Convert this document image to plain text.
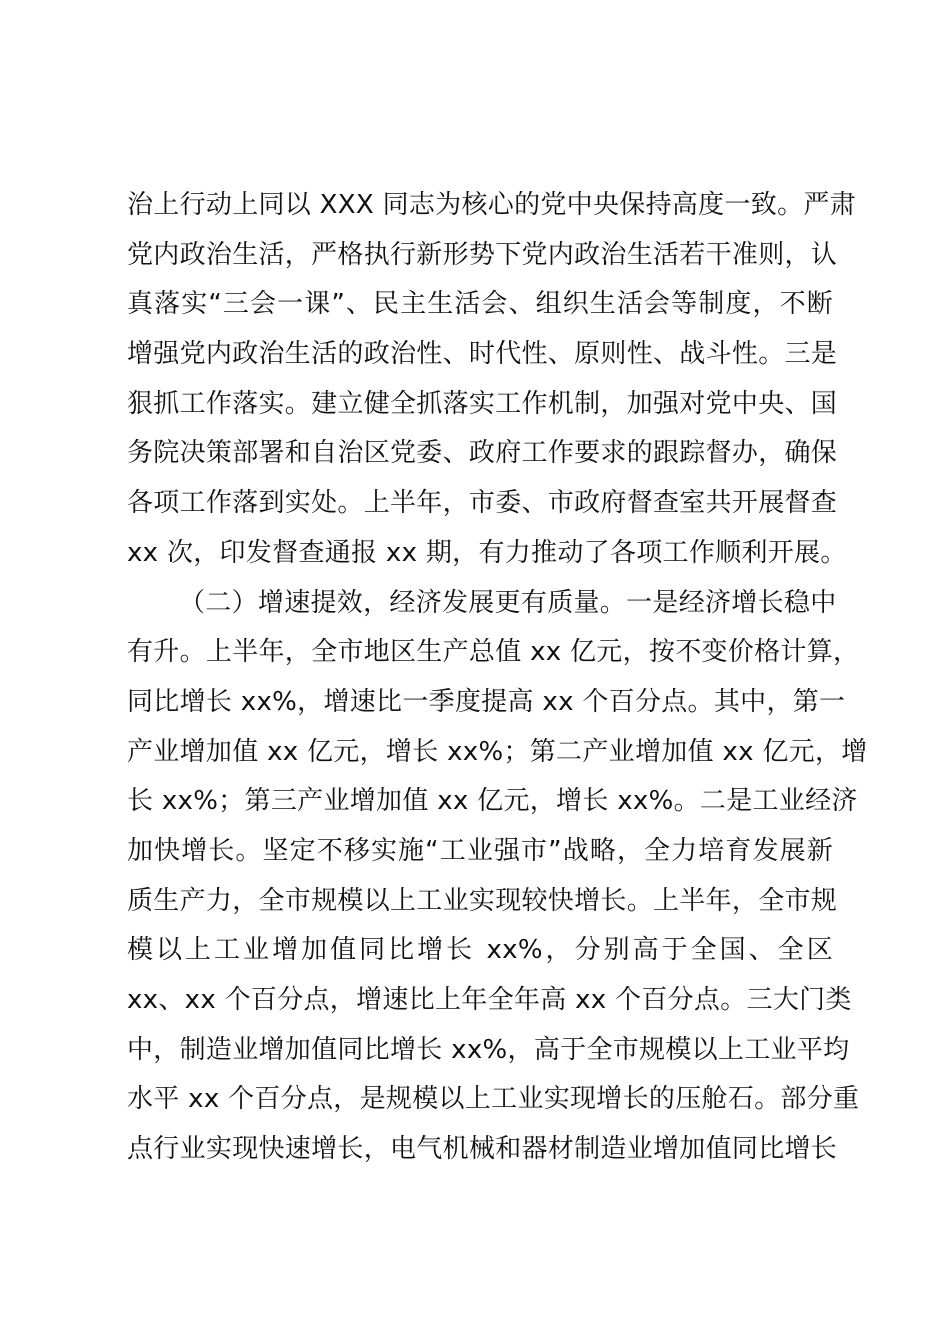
治上行动上同以 XXX 同志为核心的党中央保持高度一致。严肃
党内政治生活，严格执行新形势下党内政治生活若干准则，认
真落实“三会一课”、民主生活会、组织生活会等制度，不断
增强党内政治生活的政治性、时代性、原则性、战斗性。三是
狠抓工作落实。建立健全抓落实工作机制，加强对党中央、国
务院决策部署和自治区党委、政府工作要求的跟踪督办，确保
各项工作落到实处。上半年，市委、市政府督查室共开展督查
xx 次，印发督查通报 xx 期，有力推动了各项工作顺利开展。
（二）增速提效，经济发展更有质量。一是经济增长稳中
有升。上半年，全市地区生产总值 xx 亿元，按不变价格计算，
同比增长 xx%，增速比一季度提高 xx 个百分点。其中，第一
产业增加值 xx 亿元，增长 xx%；第二产业增加值 xx 亿元，增
长 xx%；第三产业增加值 xx 亿元，增长 xx%。二是工业经济
加快增长。坚定不移实施“工业强市”战略，全力培育发展新
质生产力，全市规模以上工业实现较快增长。上半年，全市规
模以上工业增加值同比增长 xx%，分别高于全国、全区
xx、xx 个百分点，增速比上年全年高 xx 个百分点。三大门类
中，制造业增加值同比增长 xx%，高于全市规模以上工业平均
水平 xx 个百分点，是规模以上工业实现增长的压舱石。部分重
点行业实现快速增长，电气机械和器材制造业增加值同比增长
